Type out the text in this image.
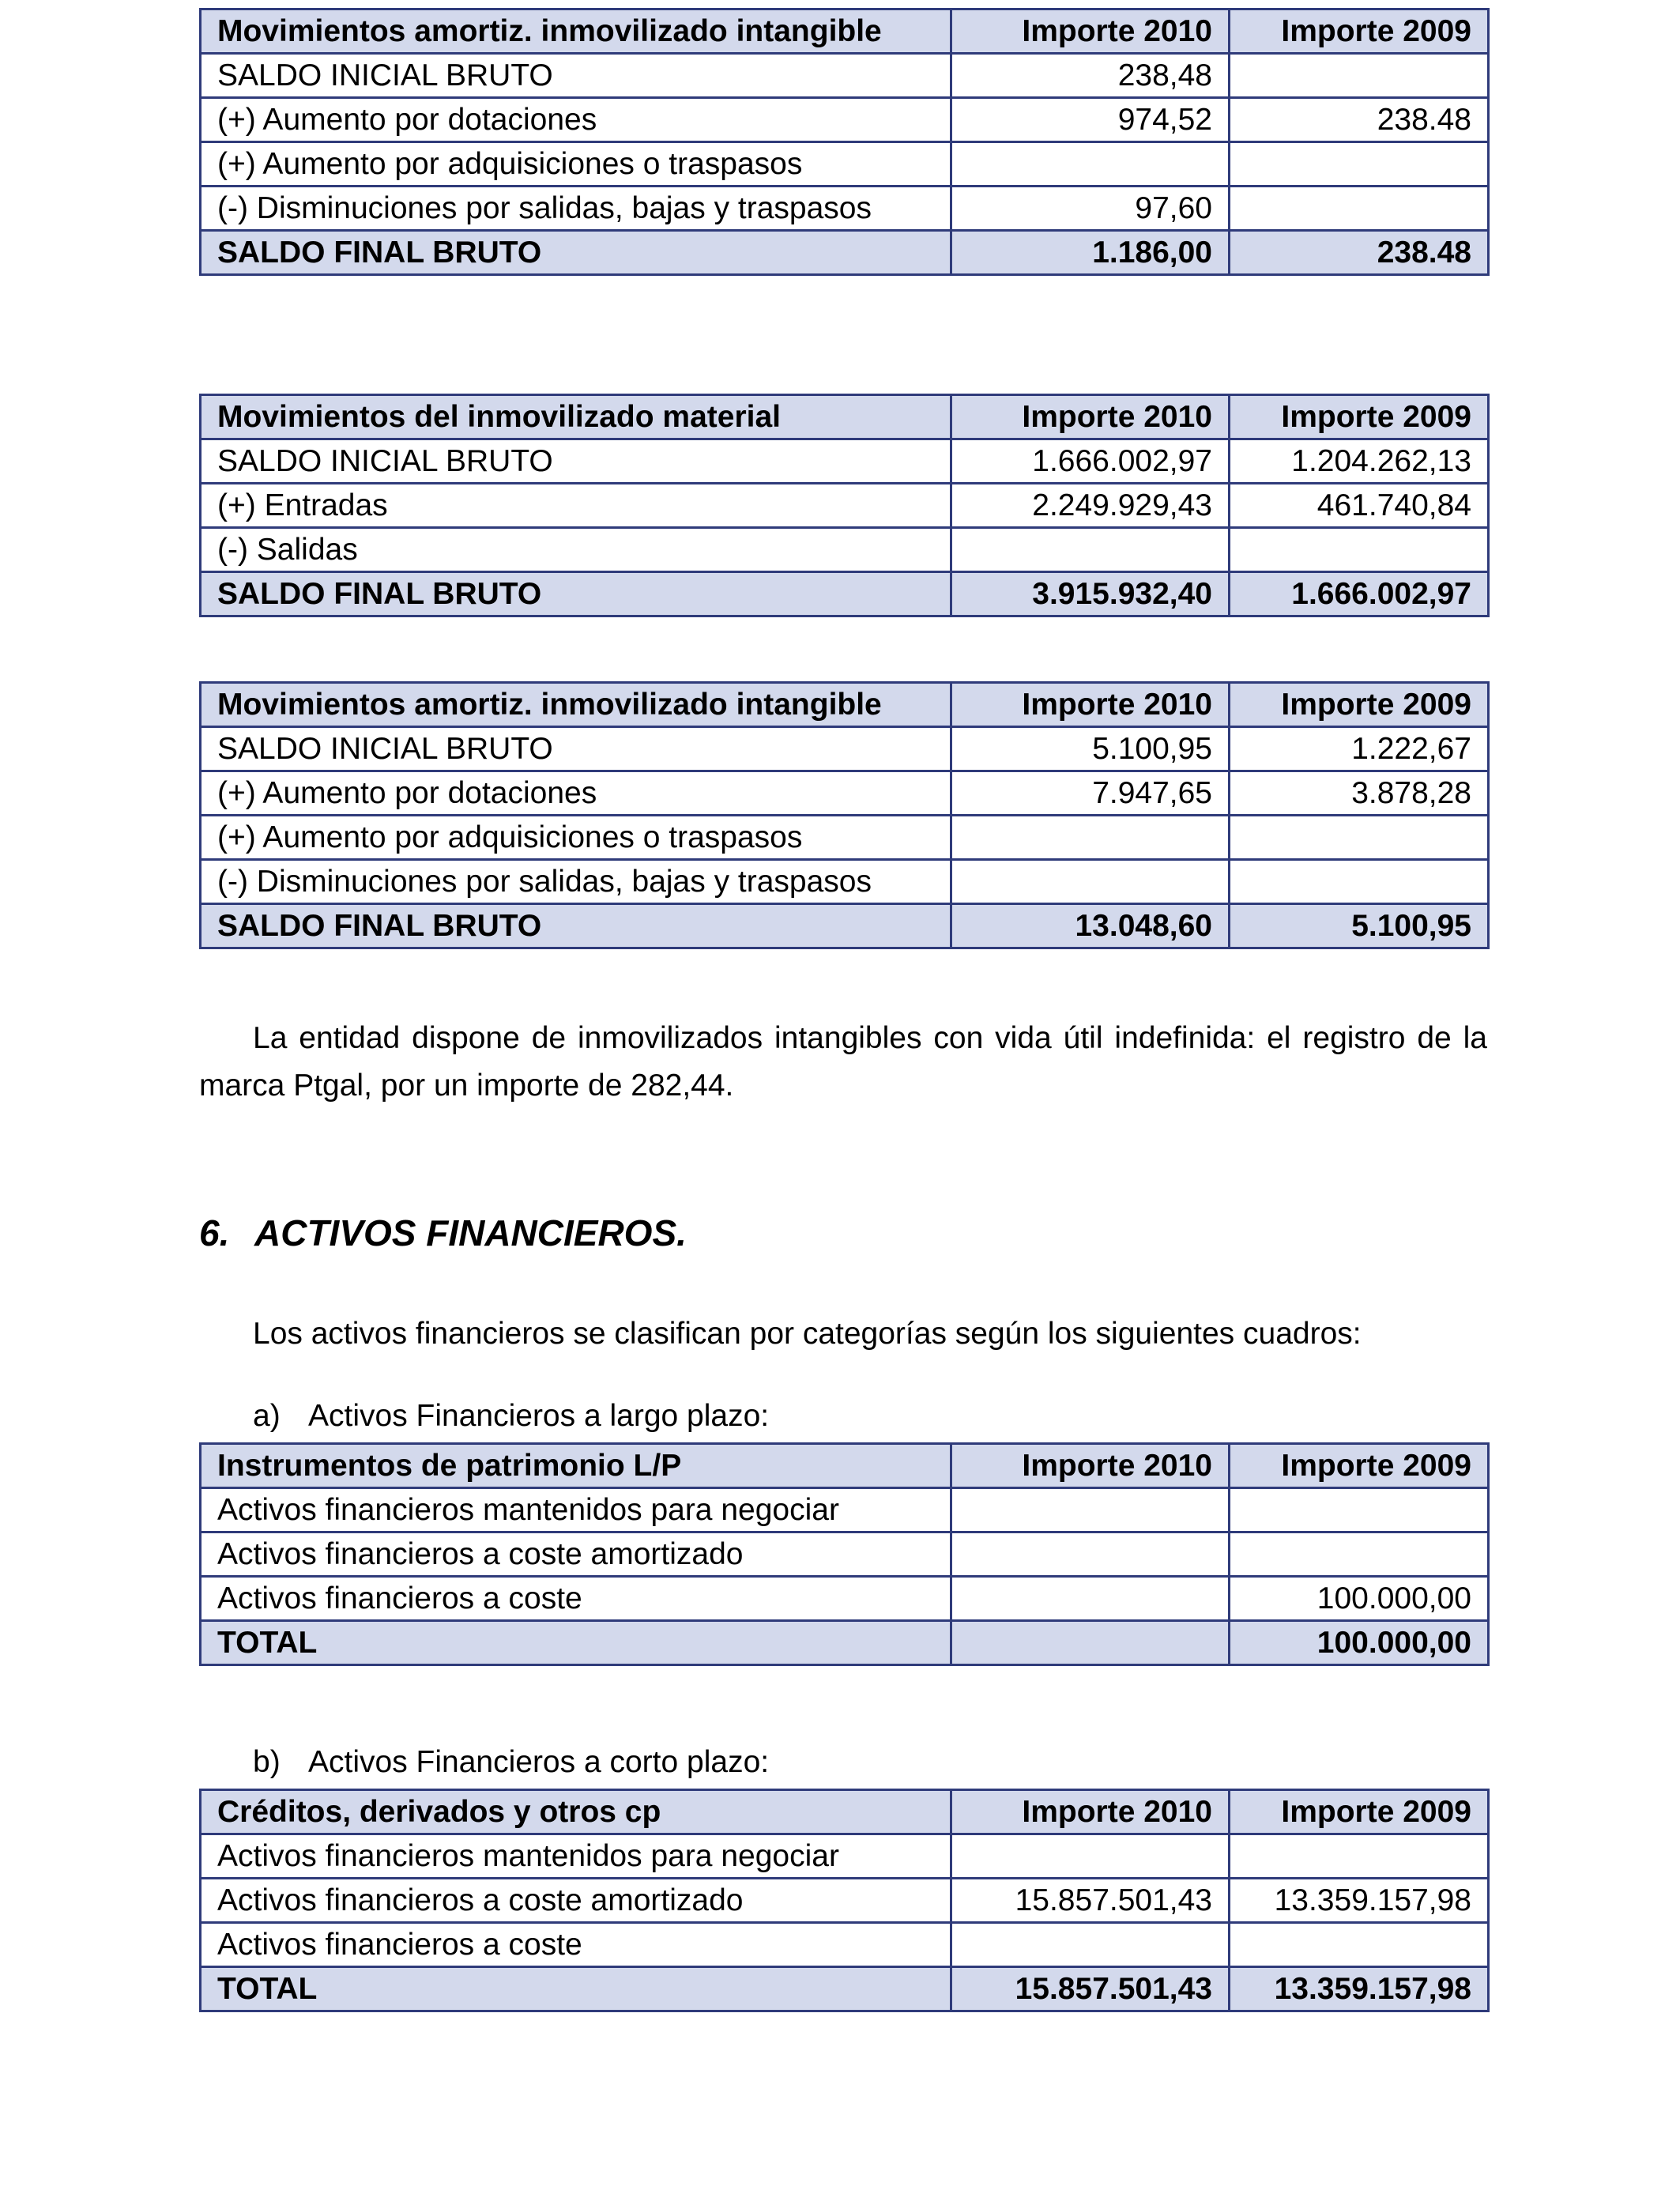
Movimientos amortiz. inmovilizado intangible	Importe 2010	Importe 2009
SALDO INICIAL BRUTO	238,48	
(+) Aumento por dotaciones	974,52	238.48
(+) Aumento por adquisiciones o traspasos		
(-) Disminuciones por salidas, bajas y traspasos	97,60	
SALDO FINAL BRUTO	1.186,00	238.48
Movimientos del inmovilizado material	Importe 2010	Importe 2009
SALDO INICIAL BRUTO	1.666.002,97	1.204.262,13
(+) Entradas	2.249.929,43	461.740,84
(-) Salidas		
SALDO FINAL BRUTO	3.915.932,40	1.666.002,97
Movimientos amortiz. inmovilizado intangible	Importe 2010	Importe 2009
SALDO INICIAL BRUTO	5.100,95	1.222,67
(+) Aumento por dotaciones	7.947,65	3.878,28
(+) Aumento por adquisiciones o traspasos		
(-) Disminuciones por salidas, bajas y traspasos		
SALDO FINAL BRUTO	13.048,60	5.100,95
La entidad dispone de inmovilizados intangibles con vida útil indefinida: el registro de la marca Ptgal, por un importe de 282,44.
6. ACTIVOS FINANCIEROS.
Los activos financieros se clasifican por categorías según los siguientes cuadros:
a) Activos Financieros a largo plazo:
Instrumentos de patrimonio L/P	Importe 2010	Importe 2009
Activos financieros mantenidos para negociar		
Activos financieros a coste amortizado		
Activos financieros a coste		100.000,00
TOTAL		100.000,00
b) Activos Financieros a corto plazo:
Créditos, derivados y otros cp	Importe 2010	Importe 2009
Activos financieros mantenidos para negociar		
Activos financieros a coste amortizado	15.857.501,43	13.359.157,98
Activos financieros a coste		
TOTAL	15.857.501,43	13.359.157,98
